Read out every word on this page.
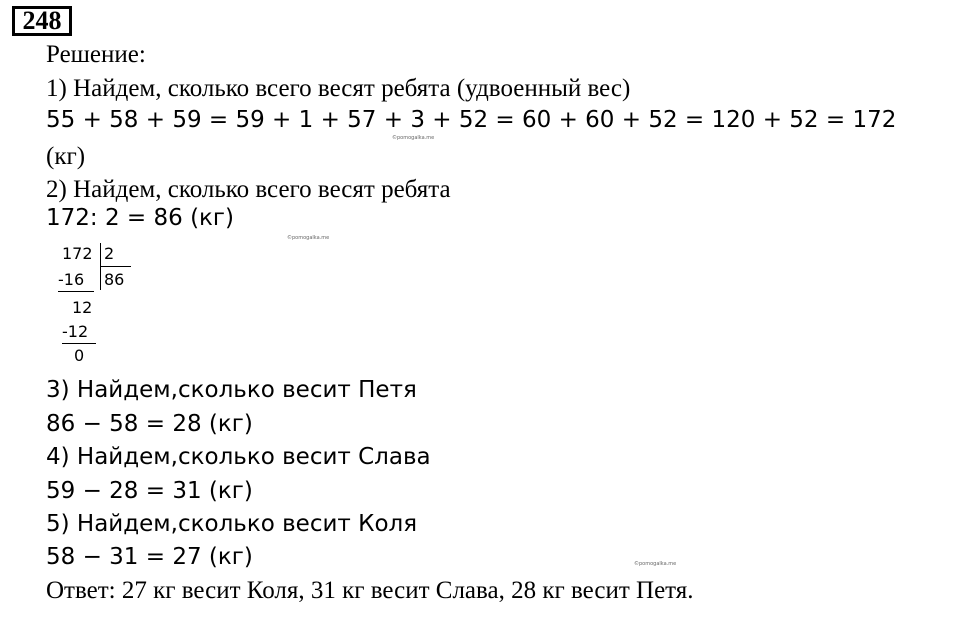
248
Решение:
1) Найдем, сколько всего весят ребята (удвоенный вес)
55 + 58 + 59 = 59 + 1 + 57 + 3 + 52 = 60 + 60 + 52 = 120 + 52 = 172
©pomogalka.me
(кг)
2) Найдем, сколько всего весят ребята
172: 2 = 86 (кг)
©pomogalka.me
172 2
86
-16
12
-12
0
3) Найдем,сколько весит Петя
86 − 58 = 28 (кг)
4) Найдем,сколько весит Слава
59 − 28 = 31 (кг)
5) Найдем,сколько весит Коля
58 − 31 = 27 (кг)	©pomogalka.me
Ответ: 27 кг весит Коля, 31 кг весит Слава, 28 кг весит Петя.
